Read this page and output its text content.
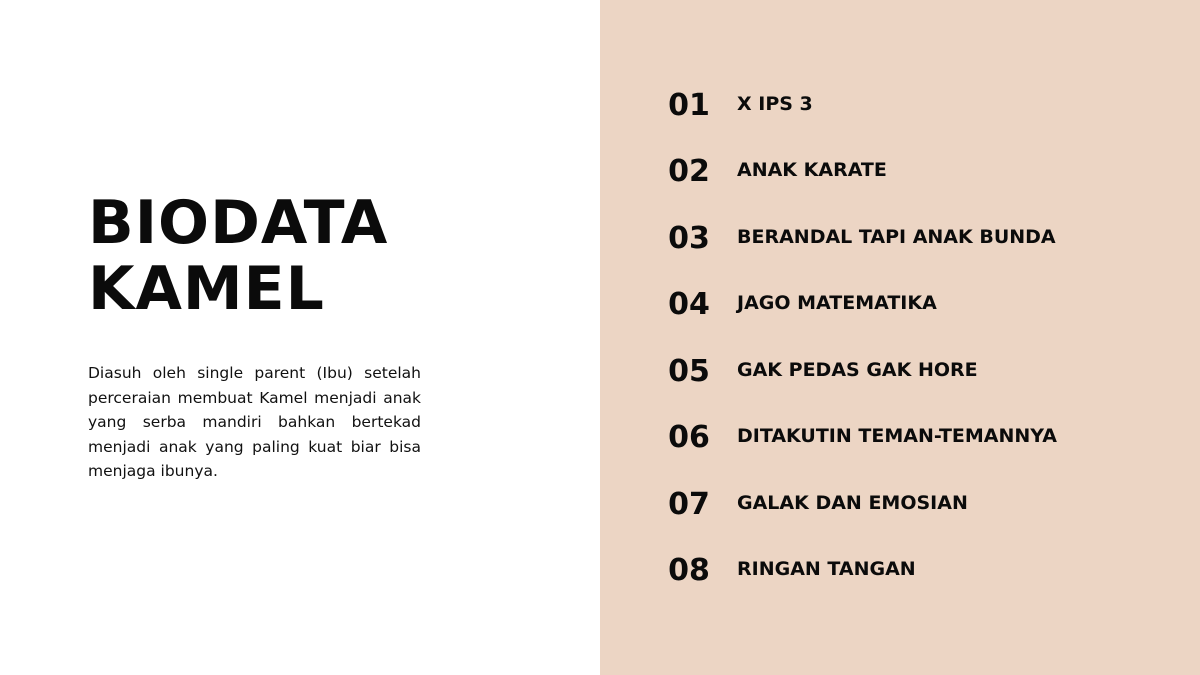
BIODATA
KAMEL

Diasuh oleh single parent (Ibu) setelah perceraian membuat Kamel menjadi anak yang serba mandiri bahkan bertekad menjadi anak yang paling kuat biar bisa menjaga ibunya.

01	X IPS 3
02	ANAK KARATE
03	BERANDAL TAPI ANAK BUNDA
04	JAGO MATEMATIKA
05	GAK PEDAS GAK HORE
06	DITAKUTIN TEMAN-TEMANNYA
07	GALAK DAN EMOSIAN
08	RINGAN TANGAN
